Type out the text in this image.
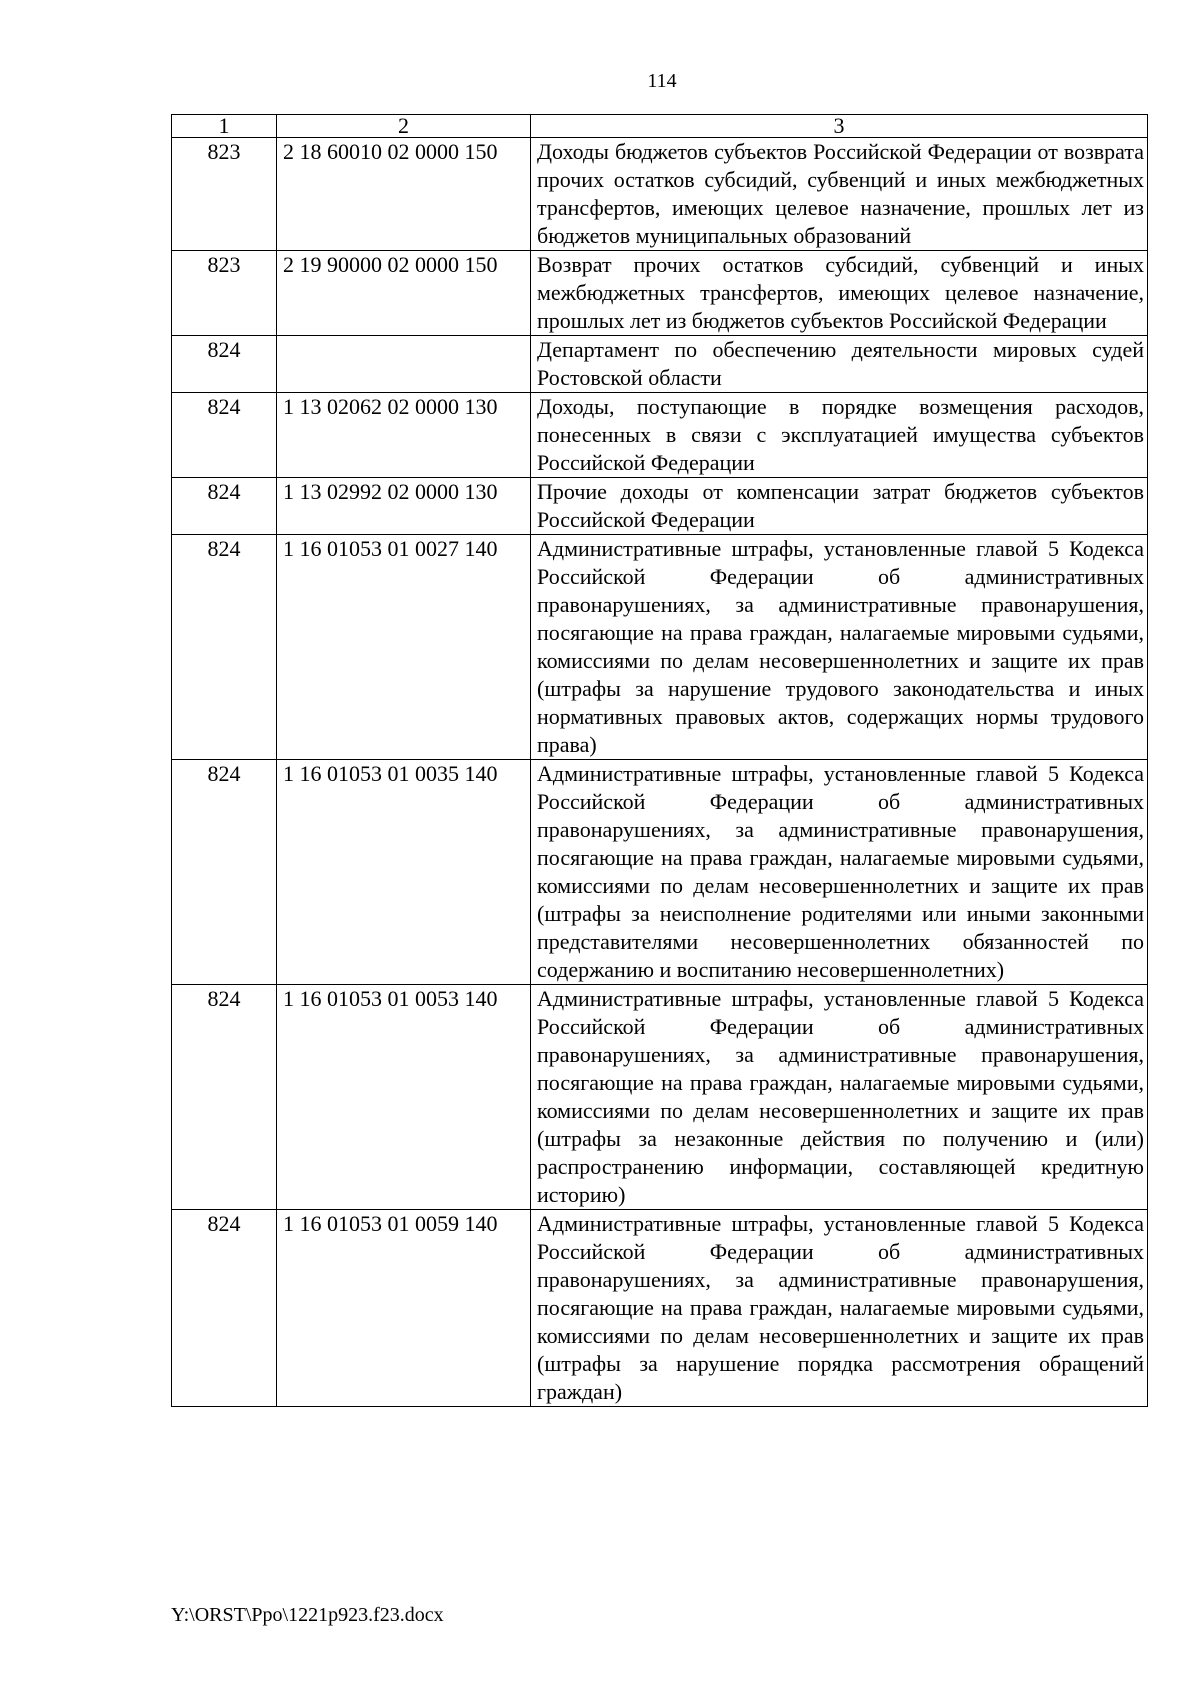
114
1	2	3
823	2 18 60010 02 0000 150	Доходы бюджетов субъектов Российской Федерации от возврата прочих остатков субсидий, субвенций и иных межбюджетных трансфертов, имеющих целевое назначение, прошлых лет из бюджетов муниципальных образований
823	2 19 90000 02 0000 150	Возврат прочих остатков субсидий, субвенций и иных межбюджетных трансфертов, имеющих целевое назначение, прошлых лет из бюджетов субъектов Российской Федерации
824		Департамент по обеспечению деятельности мировых судей Ростовской области
824	1 13 02062 02 0000 130	Доходы, поступающие в порядке возмещения расходов, понесенных в связи с эксплуатацией имущества субъектов Российской Федерации
824	1 13 02992 02 0000 130	Прочие доходы от компенсации затрат бюджетов субъектов Российской Федерации
824	1 16 01053 01 0027 140	Административные штрафы, установленные главой 5 Кодекса Российской Федерации об административных правонарушениях, за административные правонарушения, посягающие на права граждан, налагаемые мировыми судьями, комиссиями по делам несовершеннолетних и защите их прав (штрафы за нарушение трудового законодательства и иных нормативных правовых актов, содержащих нормы трудового права)
824	1 16 01053 01 0035 140	Административные штрафы, установленные главой 5 Кодекса Российской Федерации об административных правонарушениях, за административные правонарушения, посягающие на права граждан, налагаемые мировыми судьями, комиссиями по делам несовершеннолетних и защите их прав (штрафы за неисполнение родителями или иными законными представителями несовершеннолетних обязанностей по содержанию и воспитанию несовершеннолетних)
824	1 16 01053 01 0053 140	Административные штрафы, установленные главой 5 Кодекса Российской Федерации об административных правонарушениях, за административные правонарушения, посягающие на права граждан, налагаемые мировыми судьями, комиссиями по делам несовершеннолетних и защите их прав (штрафы за незаконные действия по получению и (или) распространению информации, составляющей кредитную историю)
824	1 16 01053 01 0059 140	Административные штрафы, установленные главой 5 Кодекса Российской Федерации об административных правонарушениях, за административные правонарушения, посягающие на права граждан, налагаемые мировыми судьями, комиссиями по делам несовершеннолетних и защите их прав (штрафы за нарушение порядка рассмотрения обращений граждан)
Y:\ORST\Ppo\1221p923.f23.docx
